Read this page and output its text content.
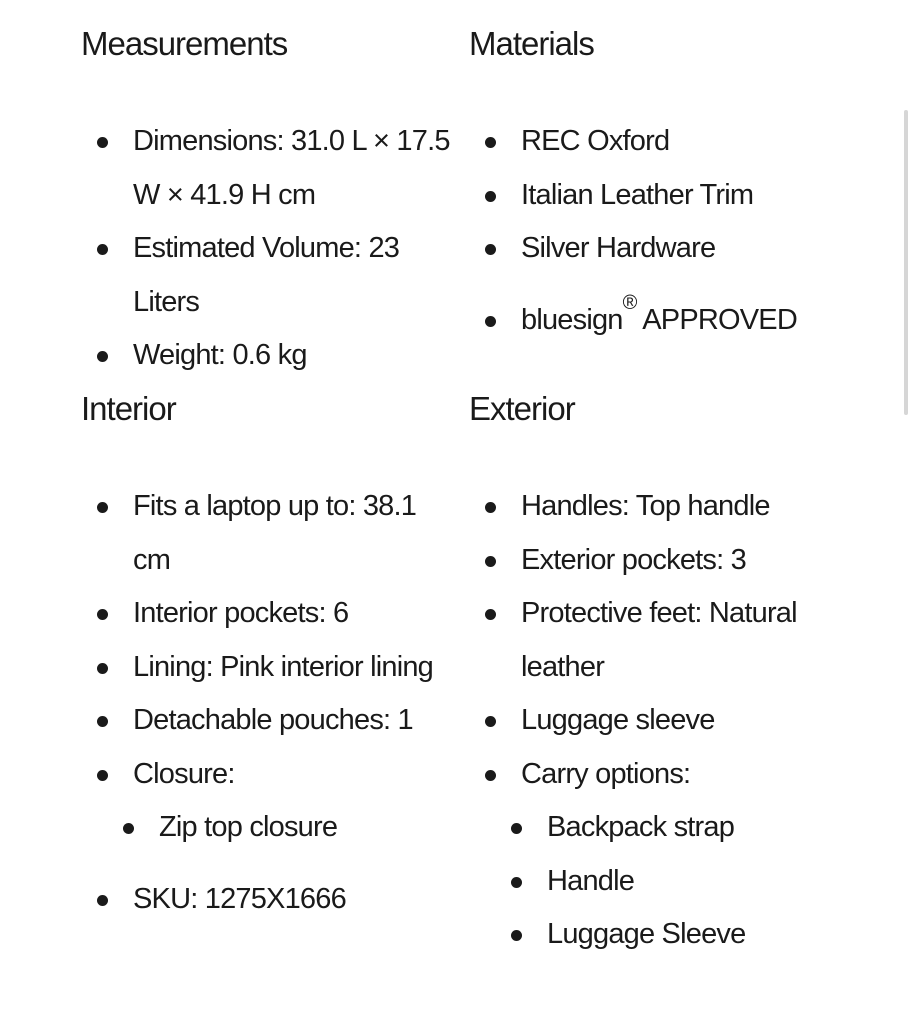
Measurements
Dimensions: 31.0 L × 17.5 W × 41.9 H cm
Estimated Volume: 23 Liters
Weight: 0.6 kg
Materials
REC Oxford
Italian Leather Trim
Silver Hardware
bluesign® APPROVED
Interior
Fits a laptop up to: 38.1 cm
Interior pockets: 6
Lining: Pink interior lining
Detachable pouches: 1
Closure:
Zip top closure
SKU: 1275X1666
Exterior
Handles: Top handle
Exterior pockets: 3
Protective feet: Natural leather
Luggage sleeve
Carry options:
Backpack strap
Handle
Luggage Sleeve
